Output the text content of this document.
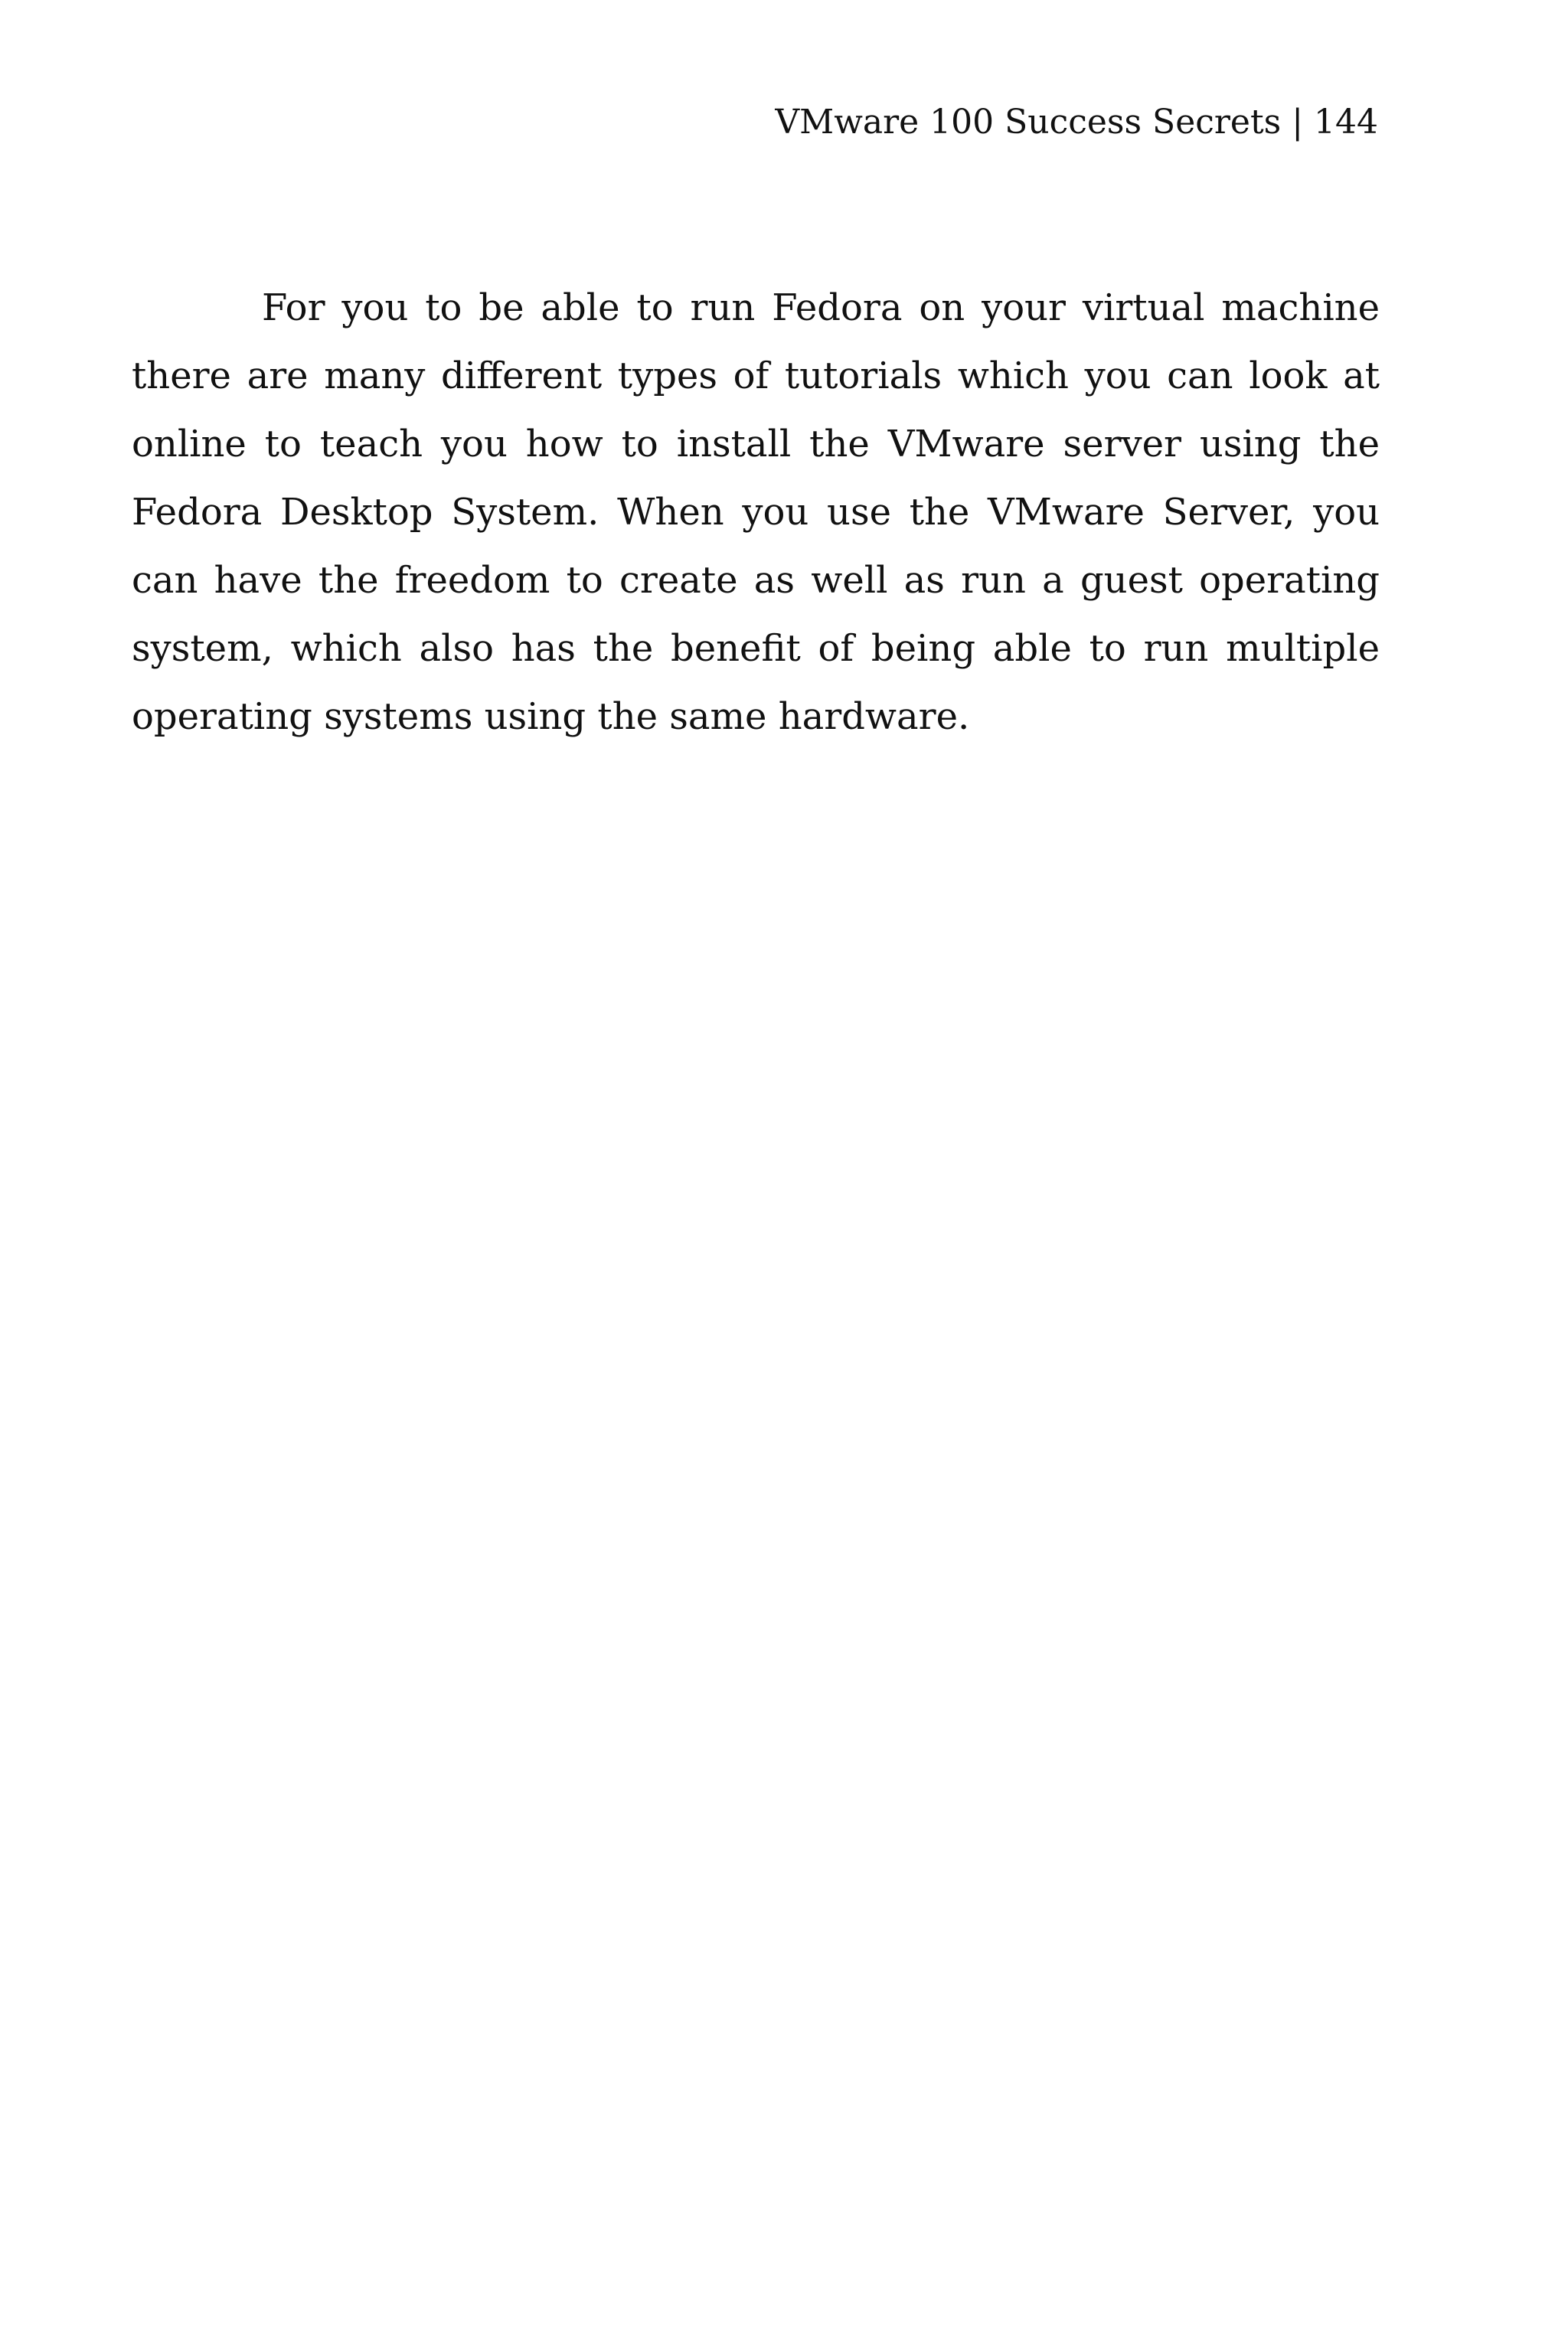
VMware 100 Success Secrets | 144

For you to be able to run Fedora on your virtual machine there are many different types of tutorials which you can look at online to teach you how to install the VMware server using the Fedora Desktop System. When you use the VMware Server, you can have the freedom to create as well as run a guest operating system, which also has the benefit of being able to run multiple operating systems using the same hardware.
